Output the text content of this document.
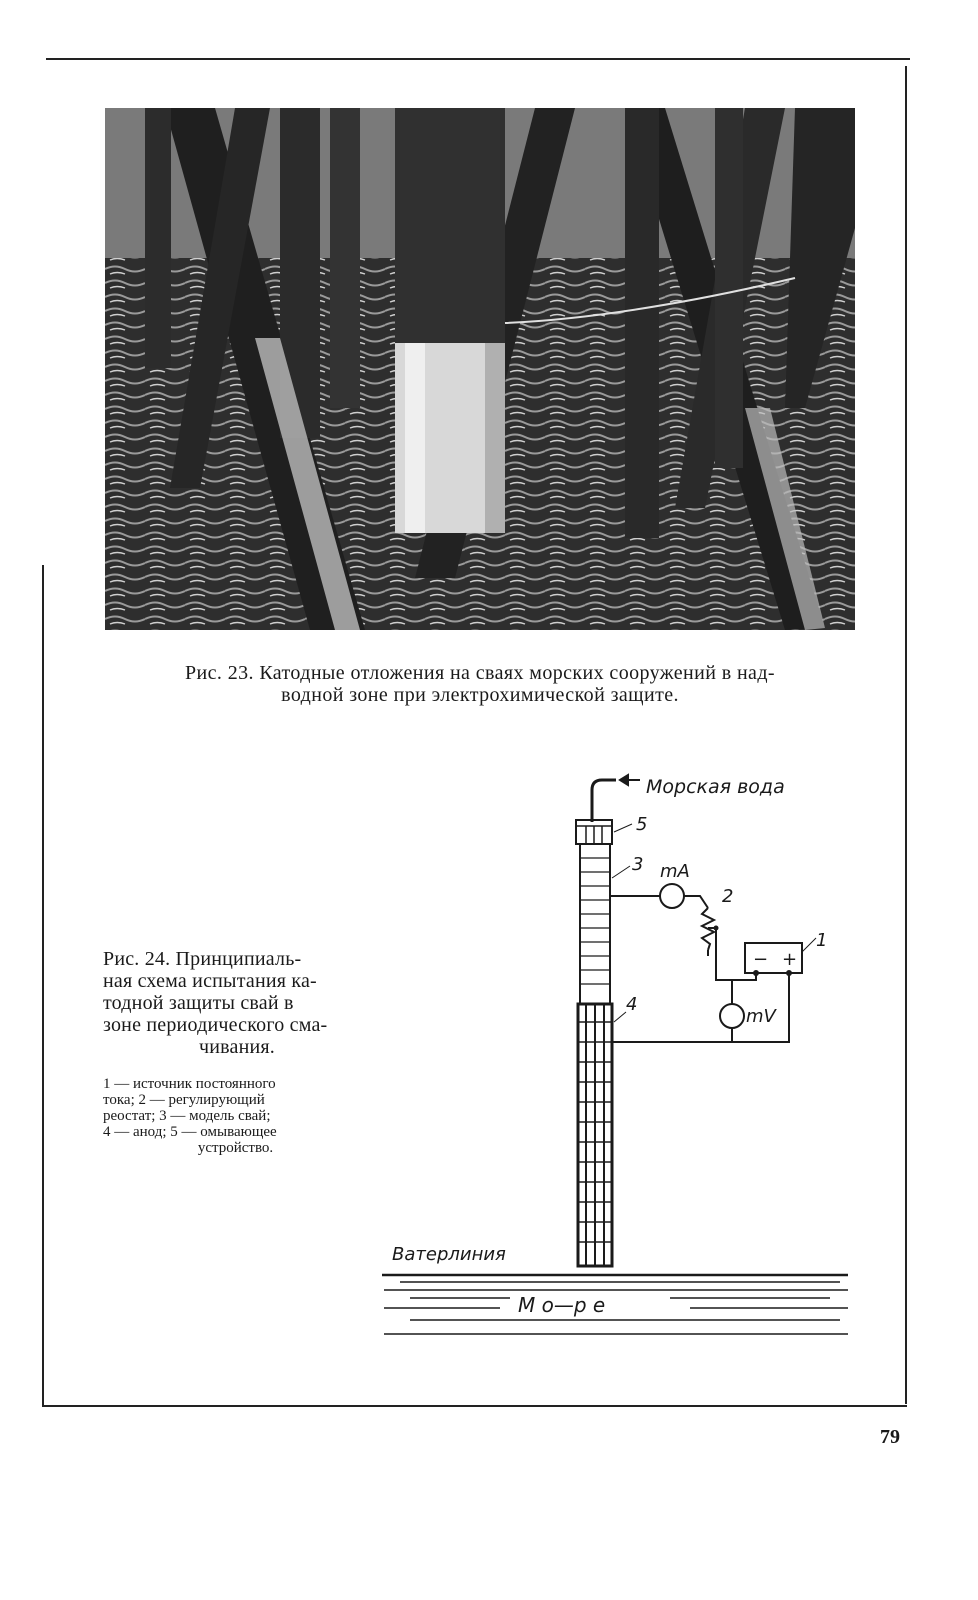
Рис. 23. Катодные отложения на сваях морских сооружений в над-
водной зоне при электрохимической защите.
Рис. 24. Принципиаль-
ная схема испытания ка-
тодной защиты свай в
зоне периодического сма-
чивания.
1 — источник постоянного
тока; 2 — регулирующий
реостат; 3 — модель свай;
4 — анод; 5 — омывающее
устройство.
Морская вода
5
3
4
mA
2
− +
1
mV
Ватерлиния
М о—р е
79
